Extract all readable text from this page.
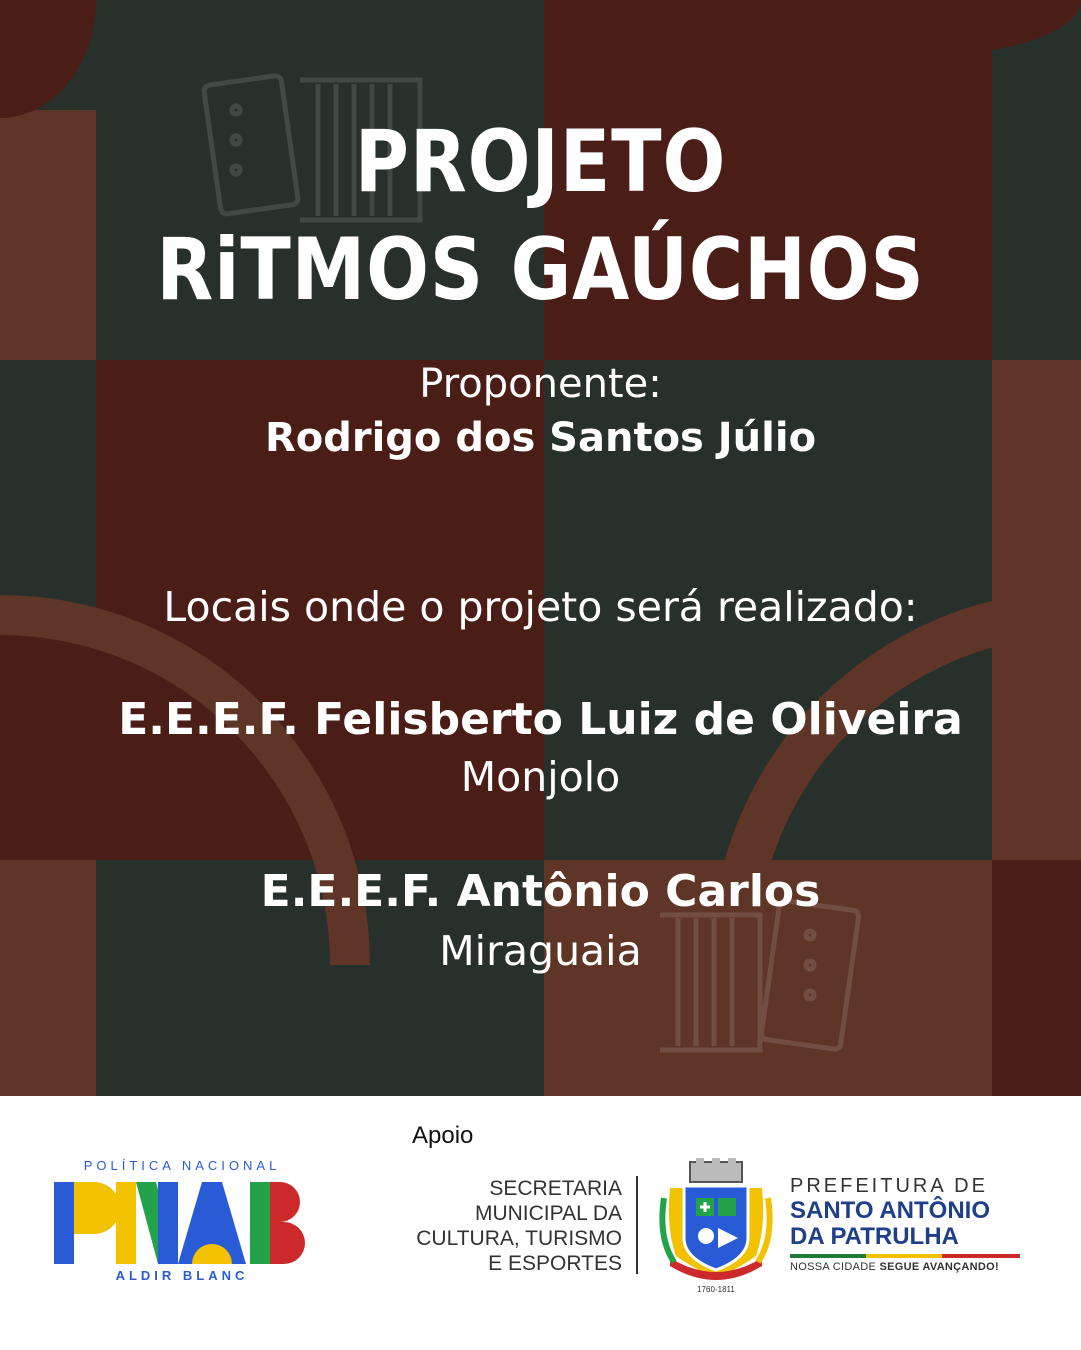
PROJETO
RiTMOS GAÚCHOS
Proponente:
Rodrigo dos Santos Júlio
Locais onde o projeto será realizado:
E.E.E.F. Felisberto Luiz de Oliveira
Monjolo
E.E.E.F. Antônio Carlos
Miraguaia
Apoio
POLÍTICA NACIONAL
ALDIR BLANC
SECRETARIA
MUNICIPAL DA
CULTURA, TURISMO
E ESPORTES
1760-1811
PREFEITURA DE
SANTO ANTÔNIO
DA PATRULHA
NOSSA CIDADE SEGUE AVANÇANDO!
